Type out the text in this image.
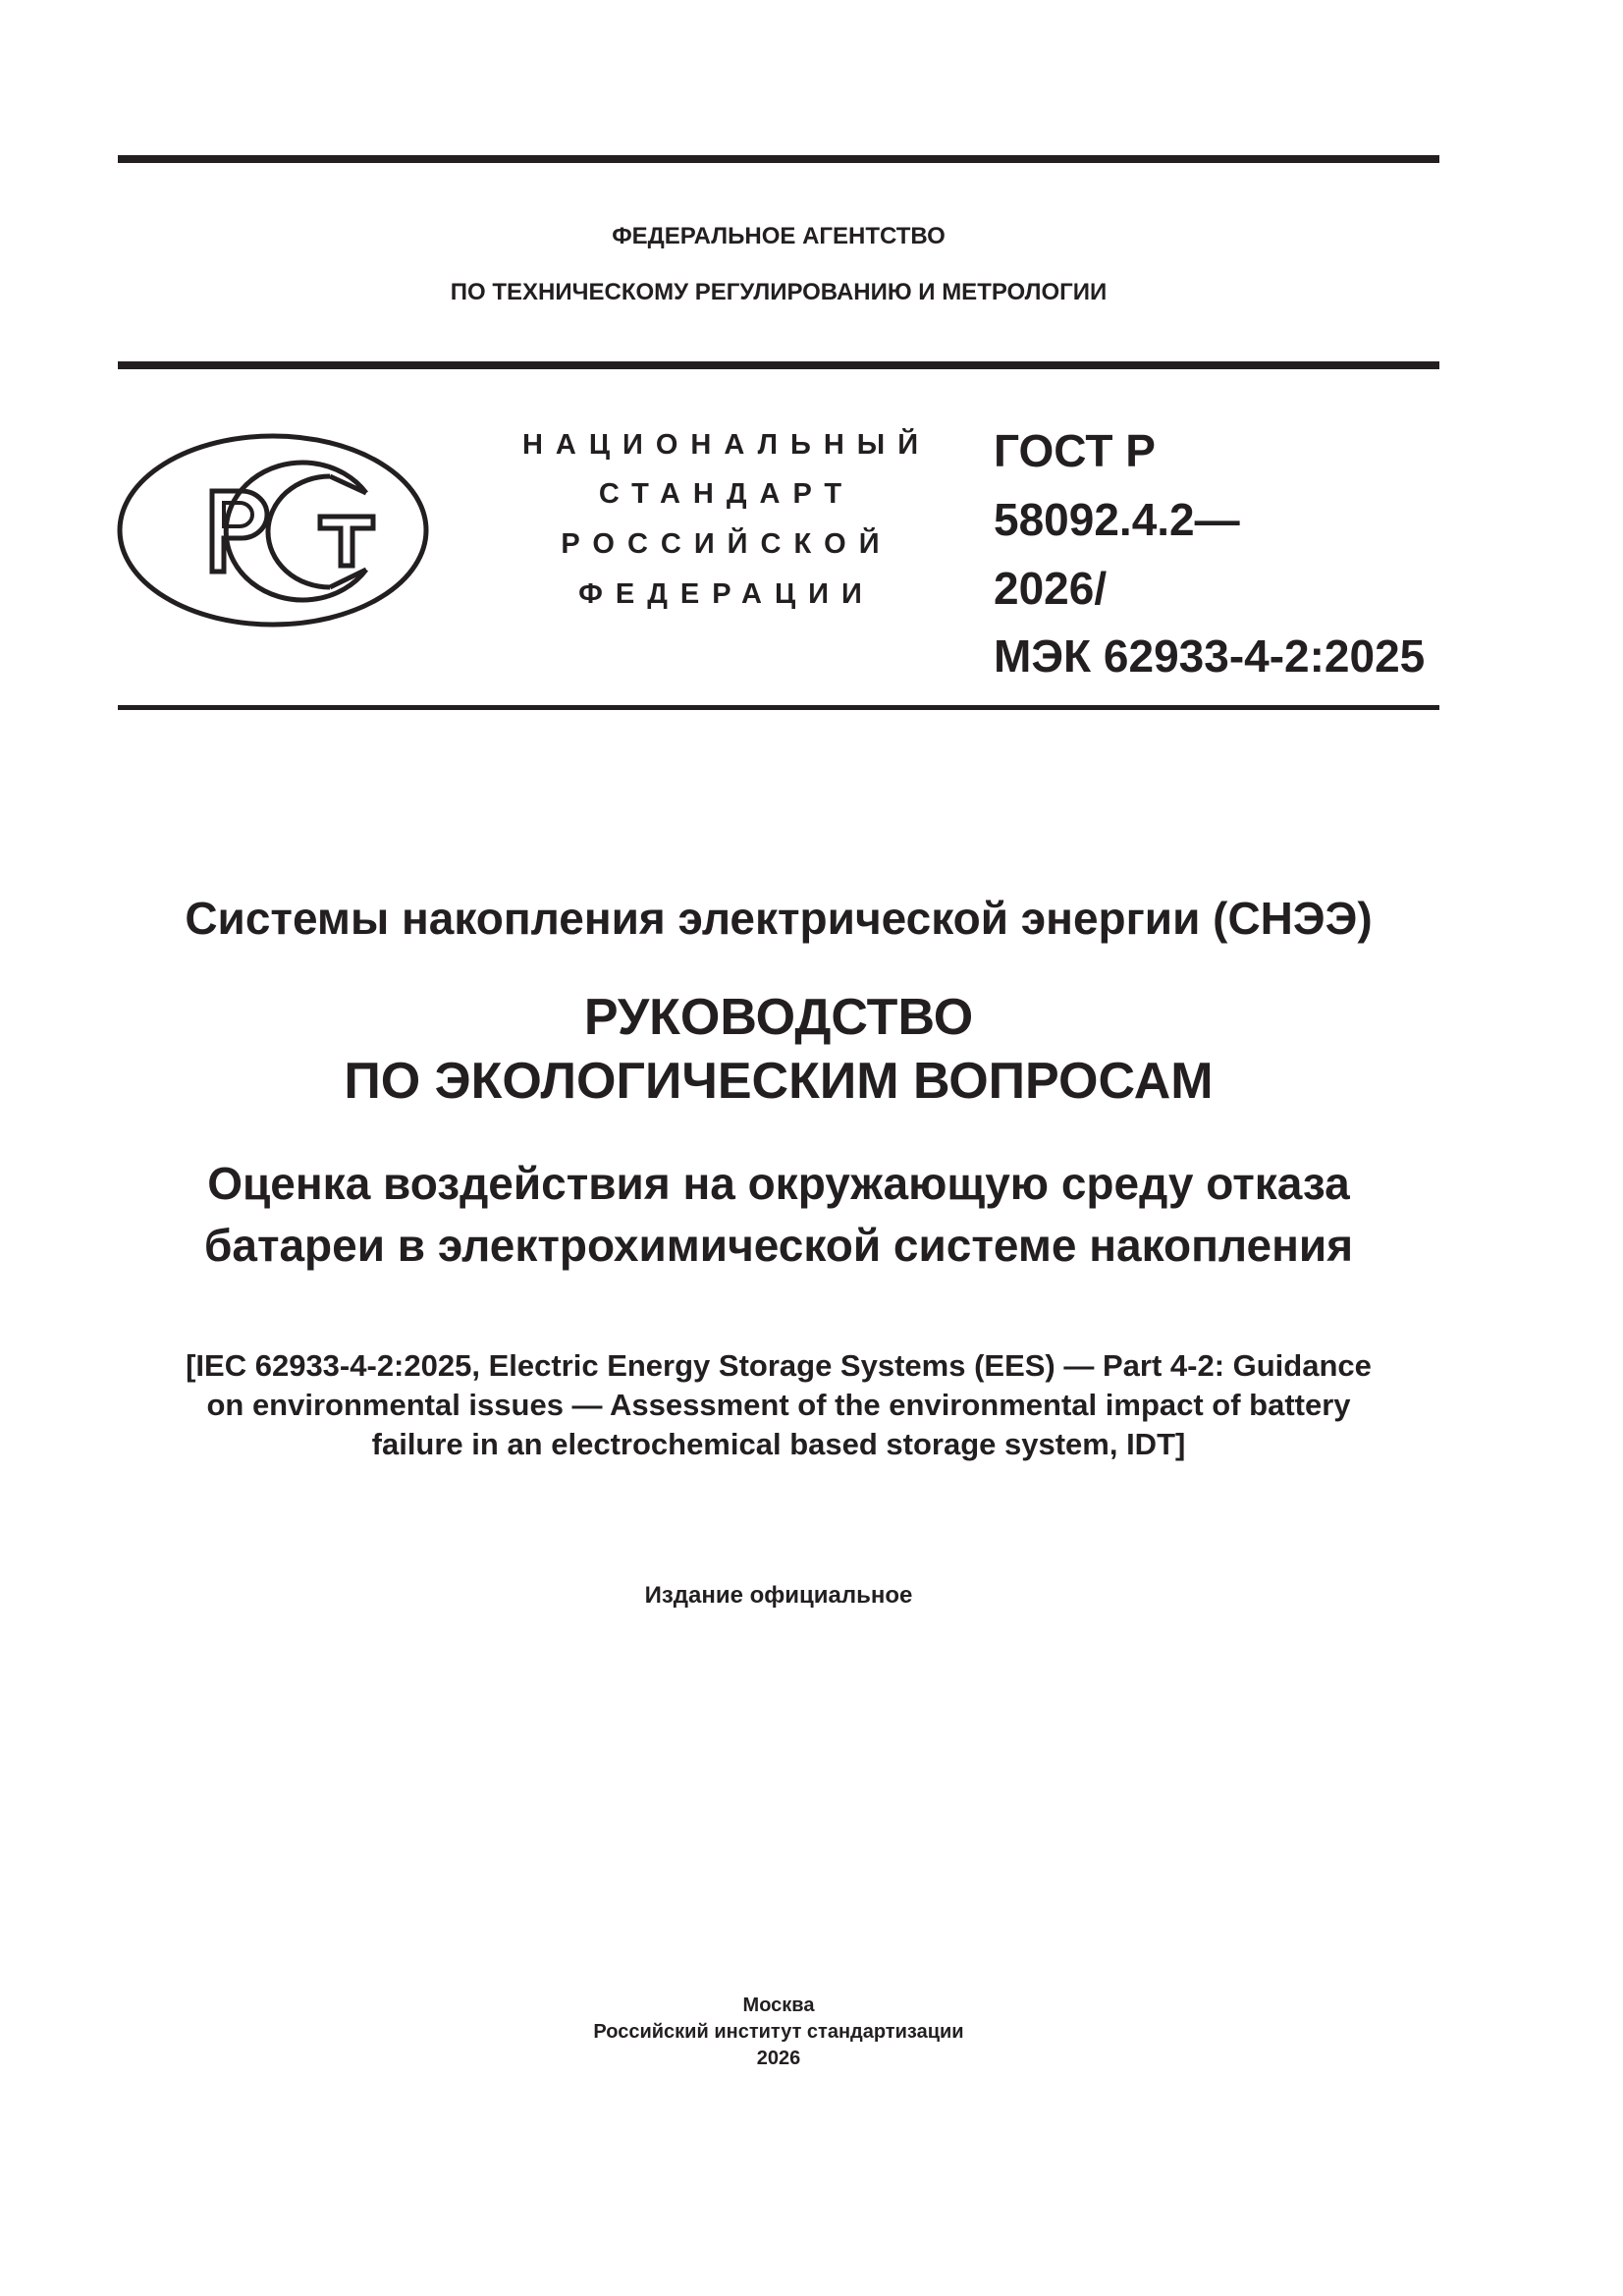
ФЕДЕРАЛЬНОЕ АГЕНТСТВО
ПО ТЕХНИЧЕСКОМУ РЕГУЛИРОВАНИЮ И МЕТРОЛОГИИ
НАЦИОНАЛЬНЫЙ
СТАНДАРТ
РОССИЙСКОЙ
ФЕДЕРАЦИИ
ГОСТ Р
58092.4.2—
2026/
МЭК 62933-4-2:2025
Системы накопления электрической энергии (СНЭЭ)
РУКОВОДСТВО
ПО ЭКОЛОГИЧЕСКИМ ВОПРОСАМ
Оценка воздействия на окружающую среду отказа
батареи в электрохимической системе накопления
[IEC 62933-4-2:2025, Electric Energy Storage Systems (EES) — Part 4-2: Guidance
on environmental issues — Assessment of the environmental impact of battery
failure in an electrochemical based storage system, IDT]
Издание официальное
Москва
Российский институт стандартизации
2026
